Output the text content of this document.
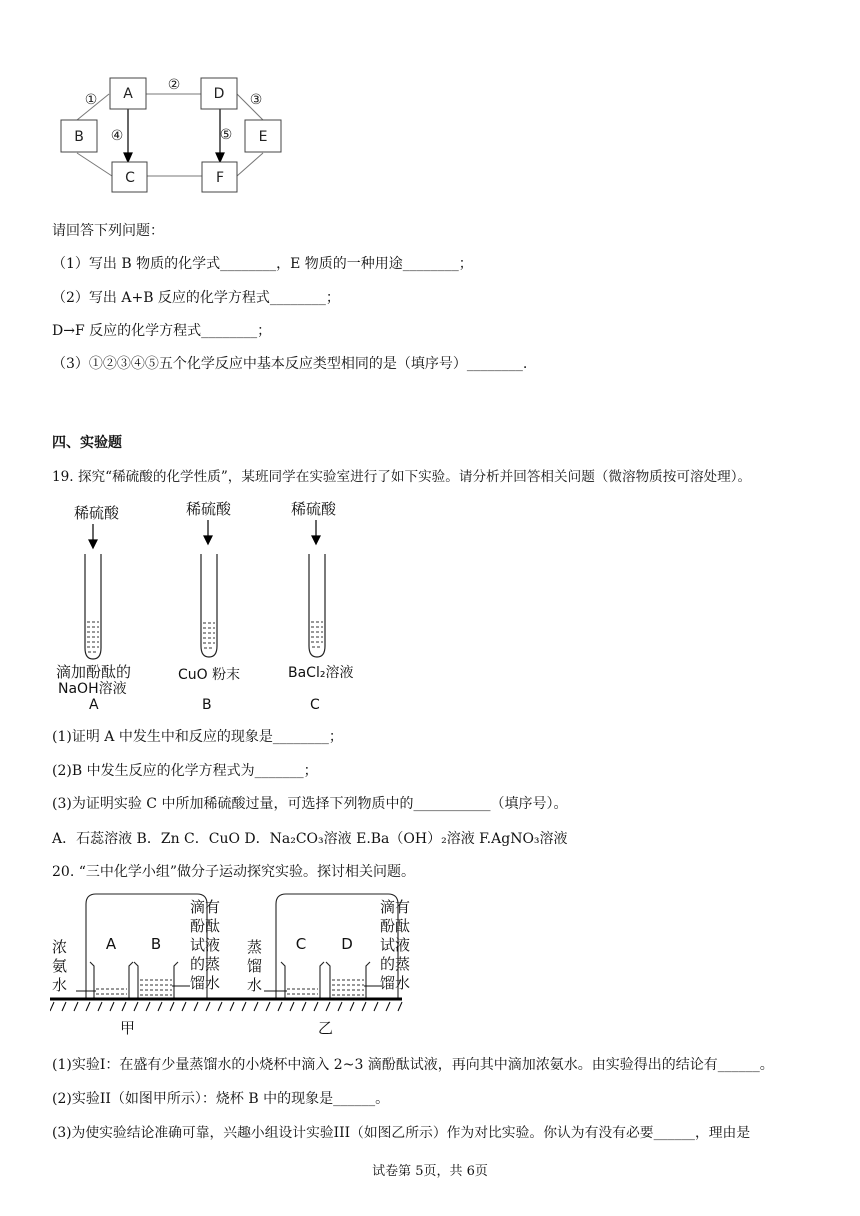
A
B
C
D
E
F
①
②
③
④	⑤
请回答下列问题：
（1）写出 B 物质的化学式________，E 物质的一种用途________；
（2）写出 A+B 反应的化学方程式________；
D→F 反应的化学方程式________；
（3）①②③④⑤五个化学反应中基本反应类型相同的是（填序号）________.
四、实验题
19. 探究“稀硫酸的化学性质”，某班同学在实验室进行了如下实验。请分析并回答相关问题（微溶物质按可溶处理）。
稀硫酸	稀硫酸	稀硫酸
滴加酚酞的
NaOH溶液
A
CuO 粉末
B
BaCl₂溶液
C
(1)证明 A 中发生中和反应的现象是________；
(2)B 中发生反应的化学方程式为_______；
(3)为证明实验 C 中所加稀硫酸过量，可选择下列物质中的___________（填序号）。
A．石蕊溶液 B．Zn C．CuO D．Na₂CO₃溶液 E.Ba（OH）₂溶液 F.AgNO₃溶液
20. “三中化学小组”做分子运动探究实验。探讨相关问题。
A B	C D
浓
氨
水
滴有
酚酞
试液
的蒸
馏水
蒸
馏
水
滴有
酚酞
试液
的蒸
馏水
甲	乙
(1)实验I：在盛有少量蒸馏水的小烧杯中滴入 2~3 滴酚酞试液，再向其中滴加浓氨水。由实验得出的结论有______。
(2)实验II（如图甲所示）：烧杯 B 中的现象是______。
(3)为使实验结论准确可靠，兴趣小组设计实验III（如图乙所示）作为对比实验。你认为有没有必要______，理由是
试卷第 5页，共 6页
